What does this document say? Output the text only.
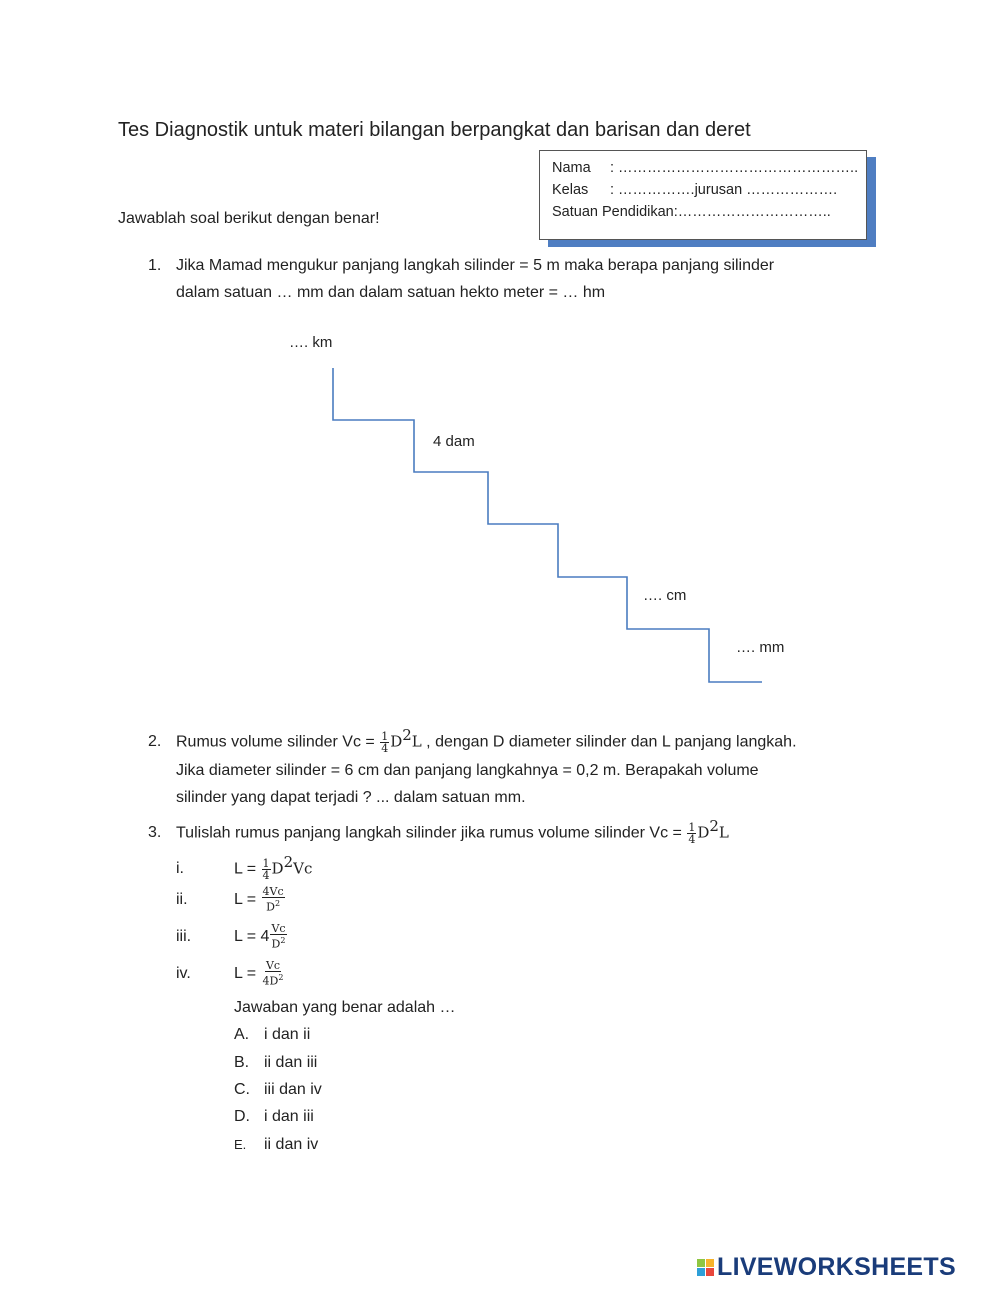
Tes Diagnostik untuk materi bilangan berpangkat dan barisan dan deret
Nama : …………………………………………..
Kelas : …………….jurusan ……………….
Satuan Pendidikan:…………………………..
Jawablah soal berikut dengan benar!
1. Jika Mamad mengukur panjang langkah silinder = 5 m maka berapa panjang silinder
dalam satuan … mm dan dalam satuan hekto meter = … hm
…. km
4 dam
…. cm
…. mm
2. Rumus volume silinder $Vc = \frac{1}{4} D^2L$ , dengan D diameter silinder dan L panjang langkah.
Jika diameter silinder = 6 cm dan panjang langkahnya = 0,2 m. Berapakah volume
silinder yang dapat terjadi ? ... dalam satuan mm.
3. Tulislah rumus panjang langkah silinder jika rumus volume silinder $Vc = \frac{1}{4} D^2L$
i.	$L = \frac{1}{4} D^2Vc$
ii.	$L = \frac{4Vc}{D^2}$
iii.	$L = 4 \frac{Vc}{D^2}$
iv.	$L = \frac{Vc}{4D^2}$
Jawaban yang benar adalah …
A. i dan ii
B. ii dan iii
C. iii dan iv
D. i dan iii
E. ii dan iv
LIVEWORKSHEETS
